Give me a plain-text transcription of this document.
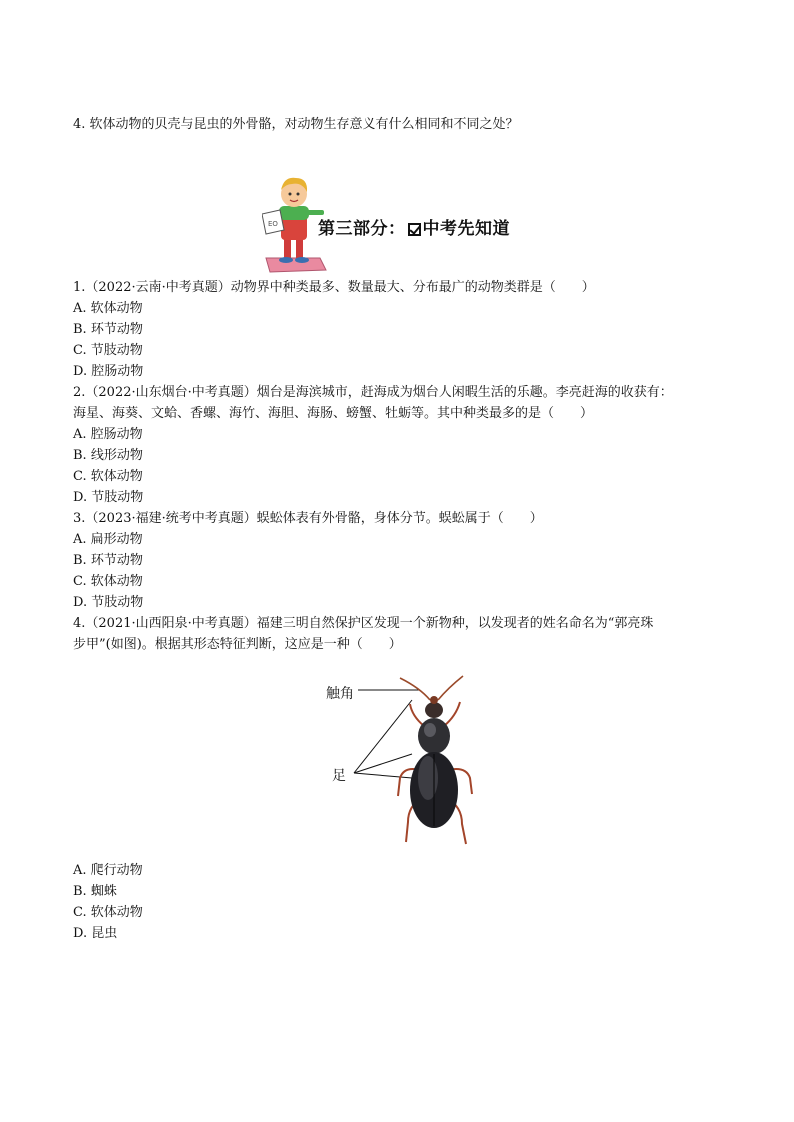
4. 软体动物的贝壳与昆虫的外骨骼，对动物生存意义有什么相同和不同之处？
EO 第三部分： 中考先知道
1.（2022·云南·中考真题）动物界中种类最多、数量最大、分布最广的动物类群是（　　）
A. 软体动物
B. 环节动物
C. 节肢动物
D. 腔肠动物
2.（2022·山东烟台·中考真题）烟台是海滨城市，赶海成为烟台人闲暇生活的乐趣。李亮赶海的收获有：
海星、海葵、文蛤、香螺、海竹、海胆、海肠、螃蟹、牡蛎等。其中种类最多的是（　　）
A. 腔肠动物
B. 线形动物
C. 软体动物
D. 节肢动物
3.（2023·福建·统考中考真题）蜈蚣体表有外骨骼，身体分节。蜈蚣属于（　　）
A. 扁形动物
B. 环节动物
C. 软体动物
D. 节肢动物
4.（2021·山西阳泉·中考真题）福建三明自然保护区发现一个新物种，以发现者的姓名命名为“郭亮珠
步甲”(如图)。根据其形态特征判断，这应是一种（　　）
触角
足
A. 爬行动物
B. 蜘蛛
C. 软体动物
D. 昆虫
